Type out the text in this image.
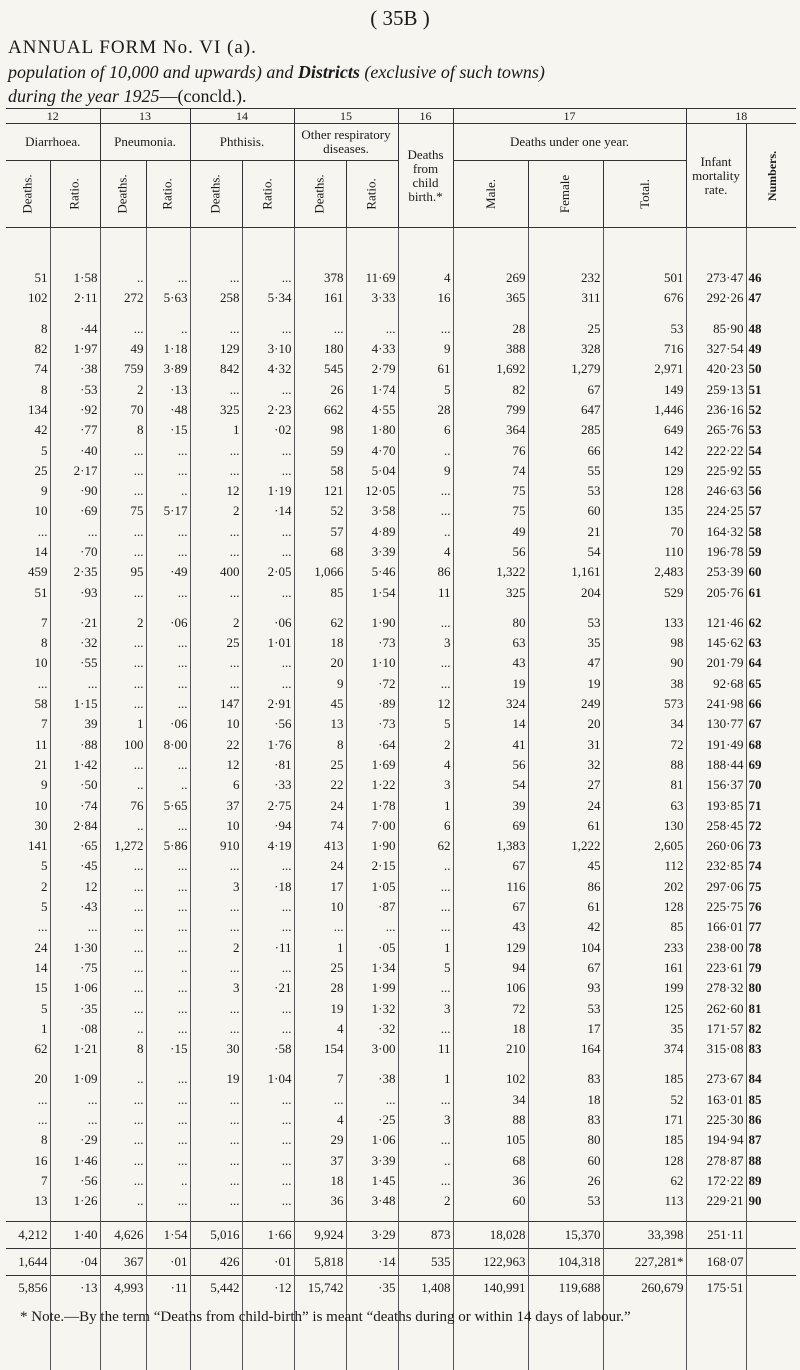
( 35B )
ANNUAL FORM No. VI (a).
population of 10,000 and upwards) and Districts (exclusive of such towns)
during the year 1925—(concld.).
12		13		14		15		16	17			18	
Diarrhoea.		Pneumonia.		Phthisis.		Other respiratory diseases.		Deaths from child birth.*	Deaths under one year.			Infant mortality rate.	Numbers.
Deaths.	Ratio.	Deaths.	Ratio.	Deaths.	Ratio.	Deaths.	Ratio.		Male.	Female	Total.		

51	1·58	..	...	...	...	378	11·69	4	269	232	501	273·47	46
102	2·11	272	5·63	258	5·34	161	3·33	16	365	311	676	292·26	47

8	·44	...	..	...	...	...	...	...	28	25	53	85·90	48
82	1·97	49	1·18	129	3·10	180	4·33	9	388	328	716	327·54	49
74	·38	759	3·89	842	4·32	545	2·79	61	1,692	1,279	2,971	420·23	50
8	·53	2	·13	...	...	26	1·74	5	82	67	149	259·13	51
134	·92	70	·48	325	2·23	662	4·55	28	799	647	1,446	236·16	52
42	·77	8	·15	1	·02	98	1·80	6	364	285	649	265·76	53
5	·40	...	...	...	...	59	4·70	..	76	66	142	222·22	54
25	2·17	...	...	...	...	58	5·04	9	74	55	129	225·92	55
9	·90	...	..	12	1·19	121	12·05	...	75	53	128	246·63	56
10	·69	75	5·17	2	·14	52	3·58	...	75	60	135	224·25	57
...	...	...	...	...	...	57	4·89	..	49	21	70	164·32	58
14	·70	...	...	...	...	68	3·39	4	56	54	110	196·78	59
459	2·35	95	·49	400	2·05	1,066	5·46	86	1,322	1,161	2,483	253·39	60
51	·93	...	...	...	...	85	1·54	11	325	204	529	205·76	61

7	·21	2	·06	2	·06	62	1·90	...	80	53	133	121·46	62
8	·32	...	...	25	1·01	18	·73	3	63	35	98	145·62	63
10	·55	...	...	...	...	20	1·10	...	43	47	90	201·79	64
...	...	...	...	...	...	9	·72	...	19	19	38	92·68	65
58	1·15	...	...	147	2·91	45	·89	12	324	249	573	241·98	66
7	39	1	·06	10	·56	13	·73	5	14	20	34	130·77	67
11	·88	100	8·00	22	1·76	8	·64	2	41	31	72	191·49	68
21	1·42	...	...	12	·81	25	1·69	4	56	32	88	188·44	69
9	·50	..	..	6	·33	22	1·22	3	54	27	81	156·37	70
10	·74	76	5·65	37	2·75	24	1·78	1	39	24	63	193·85	71
30	2·84	..	...	10	·94	74	7·00	6	69	61	130	258·45	72
141	·65	1,272	5·86	910	4·19	413	1·90	62	1,383	1,222	2,605	260·06	73
5	·45	...	...	...	...	24	2·15	..	67	45	112	232·85	74
2	12	...	...	3	·18	17	1·05	...	116	86	202	297·06	75
5	·43	...	...	...	...	10	·87	...	67	61	128	225·75	76
...	...	...	...	...	...	...	...	...	43	42	85	166·01	77
24	1·30	...	...	2	·11	1	·05	1	129	104	233	238·00	78
14	·75	...	..	...	...	25	1·34	5	94	67	161	223·61	79
15	1·06	...	...	3	·21	28	1·99	...	106	93	199	278·32	80
5	·35	...	...	...	...	19	1·32	3	72	53	125	262·60	81
1	·08	..	...	...	...	4	·32	...	18	17	35	171·57	82
62	1·21	8	·15	30	·58	154	3·00	11	210	164	374	315·08	83

20	1·09	..	...	19	1·04	7	·38	1	102	83	185	273·67	84
...	...	...	...	...	...	...	...	...	34	18	52	163·01	85
...	...	...	...	...	...	4	·25	3	88	83	171	225·30	86
8	·29	...	...	...	...	29	1·06	...	105	80	185	194·94	87
16	1·46	...	...	...	...	37	3·39	..	68	60	128	278·87	88
7	·56	...	..	...	...	18	1·45	...	36	26	62	172·22	89
13	1·26	..	...	...	...	36	3·48	2	60	53	113	229·21	90

4,212	1·40	4,626	1·54	5,016	1·66	9,924	3·29	873	18,028	15,370	33,398	251·11	
1,644	·04	367	·01	426	·01	5,818	·14	535	122,963	104,318	227,281*	168·07	
5,856	·13	4,993	·11	5,442	·12	15,742	·35	1,408	140,991	119,688	260,679	175·51	
* Note.—By the term “Deaths from child-birth” is meant “deaths during or within 14 days of labour.”
